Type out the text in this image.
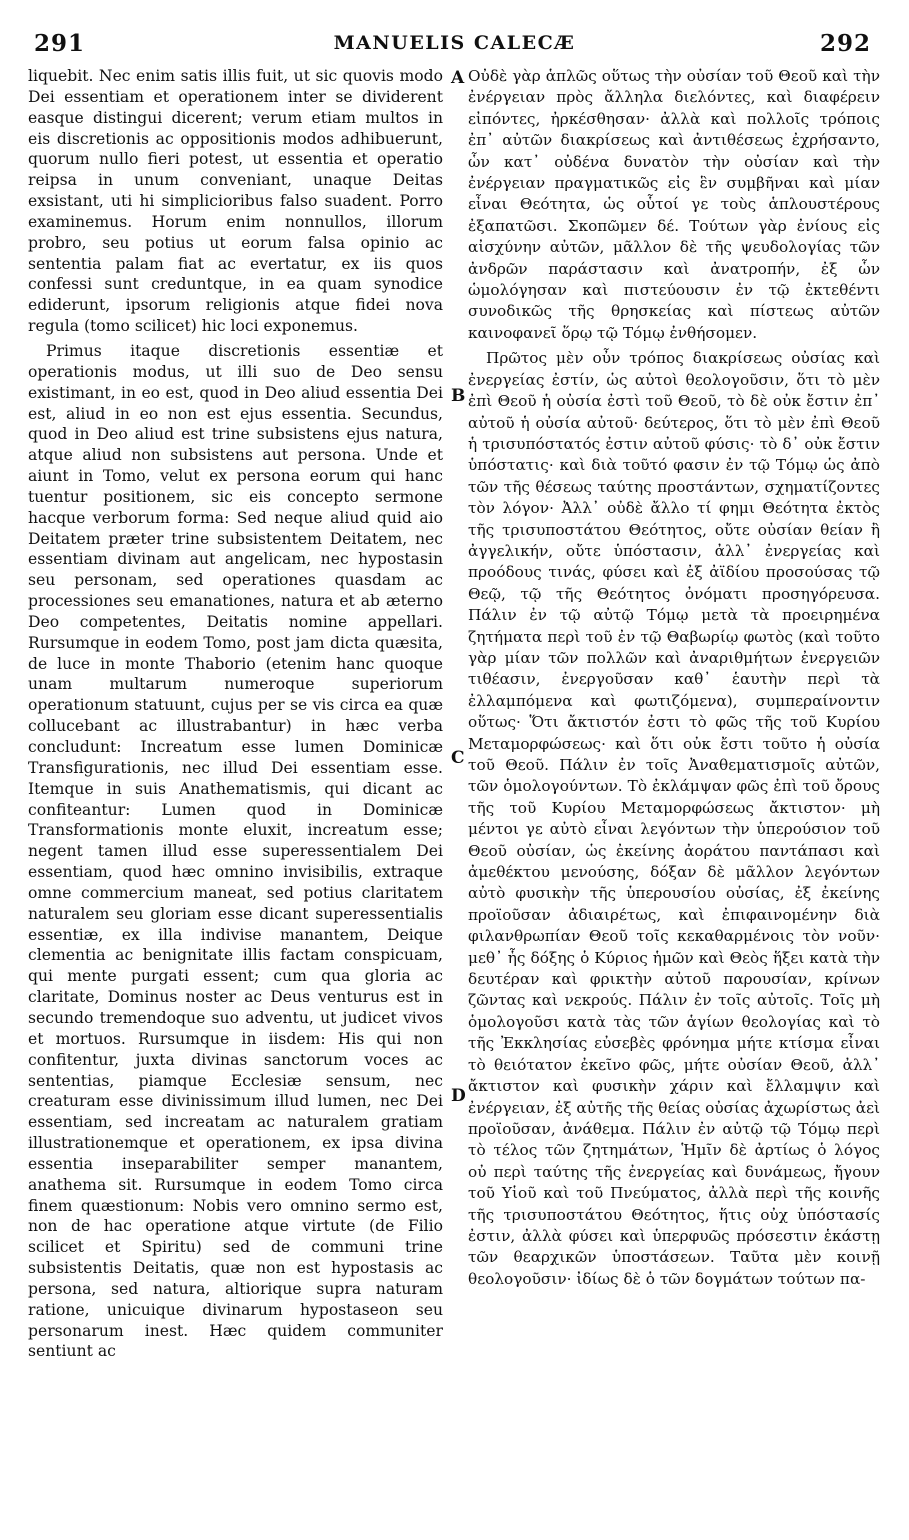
291	MANUELIS CALECÆ	292

liquebit. Nec enim satis illis fuit, ut sic quovis modo Dei essentiam et operationem inter se dividerent easque distingui dicerent; verum etiam multos in eis discretionis ac oppositionis modos adhibuerunt, quorum nullo fieri potest, ut essentia et operatio reipsa in unum conveniant, unaque Deitas exsistant, uti hi simplicioribus falso suadent. Porro examinemus. Horum enim nonnullos, illorum probro, seu potius ut eorum falsa opinio ac sententia palam fiat ac evertatur, ex iis quos confessi sunt creduntque, in ea quam synodice ediderunt, ipsorum religionis atque fidei nova regula (tomo scilicet) hic loci exponemus.

Primus itaque discretionis essentiæ et operationis modus, ut illi suo de Deo sensu existimant, in eo est, quod in Deo aliud essentia Dei est, aliud in eo non est ejus essentia. Secundus, quod in Deo aliud est trine subsistens ejus natura, atque aliud non subsistens aut persona. Unde et aiunt in Tomo, velut ex persona eorum qui hanc tuentur positionem, sic eis concepto sermone hacque verborum forma: Sed neque aliud quid aio Deitatem præter trine subsistentem Deitatem, nec essentiam divinam aut angelicam, nec hypostasin seu personam, sed operationes quasdam ac processiones seu emanationes, natura et ab æterno Deo competentes, Deitatis nomine appellari. Rursumque in eodem Tomo, post jam dicta quæsita, de luce in monte Thaborio (etenim hanc quoque unam multarum numeroque superiorum operationum statuunt, cujus per se vis circa ea quæ collucebant ac illustrabantur) in hæc verba concludunt: Increatum esse lumen Dominicæ Transfigurationis, nec illud Dei essentiam esse. Itemque in suis Anathematismis, qui dicant ac confiteantur: Lumen quod in Dominicæ Transformationis monte eluxit, increatum esse; negent tamen illud esse superessentialem Dei essentiam, quod hæc omnino invisibilis, extraque omne commercium maneat, sed potius claritatem naturalem seu gloriam esse dicant superessentialis essentiæ, ex illa indivise manantem, Deique clementia ac benignitate illis factam conspicuam, qui mente purgati essent; cum qua gloria ac claritate, Dominus noster ac Deus venturus est in secundo tremendoque suo adventu, ut judicet vivos et mortuos. Rursumque in iisdem: His qui non confitentur, juxta divinas sanctorum voces ac sententias, piamque Ecclesiæ sensum, nec creaturam esse divinissimum illud lumen, nec Dei essentiam, sed increatam ac naturalem gratiam illustrationemque et operationem, ex ipsa divina essentia inseparabiliter semper manantem, anathema sit. Rursumque in eodem Tomo circa finem quæstionum: Nobis vero omnino sermo est, non de hac operatione atque virtute (de Filio scilicet et Spiritu) sed de communi trine subsistentis Deitatis, quæ non est hypostasis ac persona, sed natura, altiorique supra naturam ratione, unicuique divinarum hypostaseon seu personarum inest. Hæc quidem communiter sentiunt ac

A
B
C
D

Οὐδὲ γὰρ ἁπλῶς οὕτως τὴν οὐσίαν τοῦ Θεοῦ καὶ τὴν ἐνέργειαν πρὸς ἄλληλα διελόντες, καὶ διαφέρειν εἰπόντες, ἠρκέσθησαν· ἀλλὰ καὶ πολλοῖς τρόποις ἐπ᾽ αὐτῶν διακρίσεως καὶ ἀντιθέσεως ἐχρήσαντο, ὧν κατ᾽ οὐδένα δυνατὸν τὴν οὐσίαν καὶ τὴν ἐνέργειαν πραγματικῶς εἰς ἓν συμβῆναι καὶ μίαν εἶναι Θεότητα, ὡς οὗτοί γε τοὺς ἁπλουστέρους ἐξαπατῶσι. Σκοπῶμεν δέ. Τούτων γὰρ ἐνίους εἰς αἰσχύνην αὐτῶν, μᾶλλον δὲ τῆς ψευδολογίας τῶν ἀνδρῶν παράστασιν καὶ ἀνατροπήν, ἐξ ὧν ὡμολόγησαν καὶ πιστεύουσιν ἐν τῷ ἐκτεθέντι συνοδικῶς τῆς θρησκείας καὶ πίστεως αὐτῶν καινοφανεῖ ὅρῳ τῷ Τόμῳ ἐνθήσομεν.

Πρῶτος μὲν οὖν τρόπος διακρίσεως οὐσίας καὶ ἐνεργείας ἐστίν, ὡς αὐτοὶ θεολογοῦσιν, ὅτι τὸ μὲν ἐπὶ Θεοῦ ἡ οὐσία ἐστὶ τοῦ Θεοῦ, τὸ δὲ οὐκ ἔστιν ἐπ᾽ αὐτοῦ ἡ οὐσία αὐτοῦ· δεύτερος, ὅτι τὸ μὲν ἐπὶ Θεοῦ ἡ τρισυπόστατός ἐστιν αὐτοῦ φύσις· τὸ δ᾽ οὐκ ἔστιν ὑπόστατις· καὶ διὰ τοῦτό φασιν ἐν τῷ Τόμῳ ὡς ἀπὸ τῶν τῆς θέσεως ταύτης προστάντων, σχηματίζοντες τὸν λόγον· Ἀλλ᾽ οὐδὲ ἄλλο τί φημι Θεότητα ἐκτὸς τῆς τρισυποστάτου Θεότητος, οὔτε οὐσίαν θείαν ἢ ἀγγελικήν, οὔτε ὑπόστασιν, ἀλλ᾽ ἐνεργείας καὶ προόδους τινάς, φύσει καὶ ἐξ ἀϊδίου προσούσας τῷ Θεῷ, τῷ τῆς Θεότητος ὀνόματι προσηγόρευσα. Πάλιν ἐν τῷ αὐτῷ Τόμῳ μετὰ τὰ προειρημένα ζητήματα περὶ τοῦ ἐν τῷ Θαβωρίῳ φωτὸς (καὶ τοῦτο γὰρ μίαν τῶν πολλῶν καὶ ἀναριθμήτων ἐνεργειῶν τιθέασιν, ἐνεργοῦσαν καθ᾽ ἑαυτὴν περὶ τὰ ἐλλαμπόμενα καὶ φωτιζόμενα), συμπεραίνοντιν οὕτως· Ὅτι ἄκτιστόν ἐστι τὸ φῶς τῆς τοῦ Κυρίου Μεταμορφώσεως· καὶ ὅτι οὐκ ἔστι τοῦτο ἡ οὐσία τοῦ Θεοῦ. Πάλιν ἐν τοῖς Ἀναθεματισμοῖς αὐτῶν, τῶν ὁμολογούντων. Τὸ ἐκλάμψαν φῶς ἐπὶ τοῦ ὄρους τῆς τοῦ Κυρίου Μεταμορφώσεως ἄκτιστον· μὴ μέντοι γε αὐτὸ εἶναι λεγόντων τὴν ὑπερούσιον τοῦ Θεοῦ οὐσίαν, ὡς ἐκείνης ἀοράτου παντάπασι καὶ ἀμεθέκτου μενούσης, δόξαν δὲ μᾶλλον λεγόντων αὐτὸ φυσικὴν τῆς ὑπερουσίου οὐσίας, ἐξ ἐκείνης προϊοῦσαν ἀδιαιρέτως, καὶ ἐπιφαινομένην διὰ φιλανθρωπίαν Θεοῦ τοῖς κεκαθαρμένοις τὸν νοῦν· μεθ᾽ ἧς δόξης ὁ Κύριος ἡμῶν καὶ Θεὸς ἥξει κατὰ τὴν δευτέραν καὶ φρικτὴν αὐτοῦ παρουσίαν, κρίνων ζῶντας καὶ νεκρούς. Πάλιν ἐν τοῖς αὐτοῖς. Τοῖς μὴ ὁμολογοῦσι κατὰ τὰς τῶν ἁγίων θεολογίας καὶ τὸ τῆς Ἐκκλησίας εὐσεβὲς φρόνημα μήτε κτίσμα εἶναι τὸ θειότατον ἐκεῖνο φῶς, μήτε οὐσίαν Θεοῦ, ἀλλ᾽ ἄκτιστον καὶ φυσικὴν χάριν καὶ ἔλλαμψιν καὶ ἐνέργειαν, ἐξ αὐτῆς τῆς θείας οὐσίας ἀχωρίστως ἀεὶ προϊοῦσαν, ἀνάθεμα. Πάλιν ἐν αὐτῷ τῷ Τόμῳ περὶ τὸ τέλος τῶν ζητημάτων, Ἡμῖν δὲ ἀρτίως ὁ λόγος οὐ περὶ ταύτης τῆς ἐνεργείας καὶ δυνάμεως, ἤγουν τοῦ Υἱοῦ καὶ τοῦ Πνεύματος, ἀλλὰ περὶ τῆς κοινῆς τῆς τρισυποστάτου Θεότητος, ἥτις οὐχ ὑπόστασίς ἐστιν, ἀλλὰ φύσει καὶ ὑπερφυῶς πρόσεστιν ἑκάστῃ τῶν θεαρχικῶν ὑποστάσεων. Ταῦτα μὲν κοινῇ θεολογοῦσιν· ἰδίως δὲ ὁ τῶν δογμάτων τούτων πα-
